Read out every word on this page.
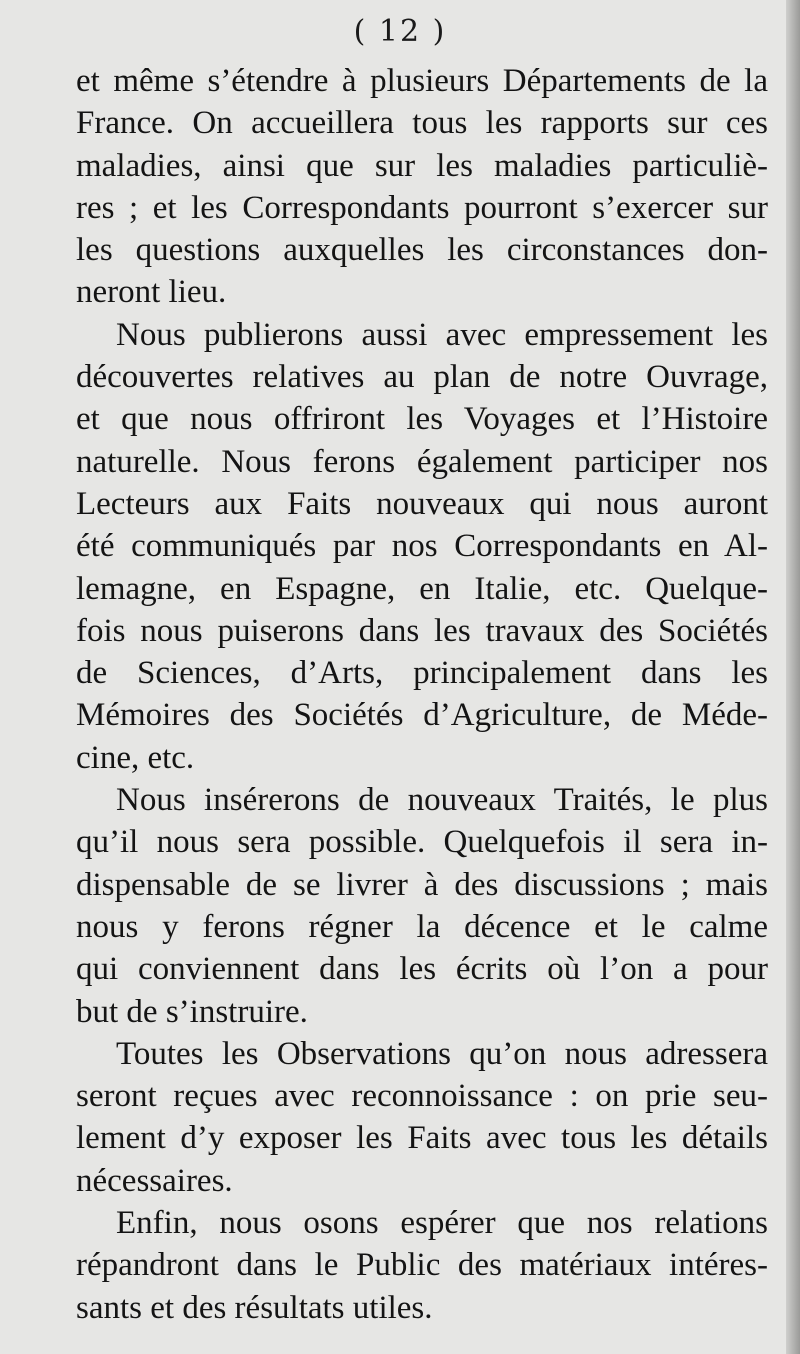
( 12 )
et même s’étendre à plusieurs Départements de la
France. On accueillera tous les rapports sur ces
maladies, ainsi que sur les maladies particuliè-
res ; et les Correspondants pourront s’exercer sur
les questions auxquelles les circonstances don-
neront lieu.
Nous publierons aussi avec empressement les
découvertes relatives au plan de notre Ouvrage,
et que nous offriront les Voyages et l’Histoire
naturelle. Nous ferons également participer nos
Lecteurs aux Faits nouveaux qui nous auront
été communiqués par nos Correspondants en Al-
lemagne, en Espagne, en Italie, etc. Quelque-
fois nous puiserons dans les travaux des Sociétés
de Sciences, d’Arts, principalement dans les
Mémoires des Sociétés d’Agriculture, de Méde-
cine, etc.
Nous insérerons de nouveaux Traités, le plus
qu’il nous sera possible. Quelquefois il sera in-
dispensable de se livrer à des discussions ; mais
nous y ferons régner la décence et le calme
qui conviennent dans les écrits où l’on a pour
but de s’instruire.
Toutes les Observations qu’on nous adressera
seront reçues avec reconnoissance : on prie seu-
lement d’y exposer les Faits avec tous les détails
nécessaires.
Enfin, nous osons espérer que nos relations
répandront dans le Public des matériaux intéres-
sants et des résultats utiles.
